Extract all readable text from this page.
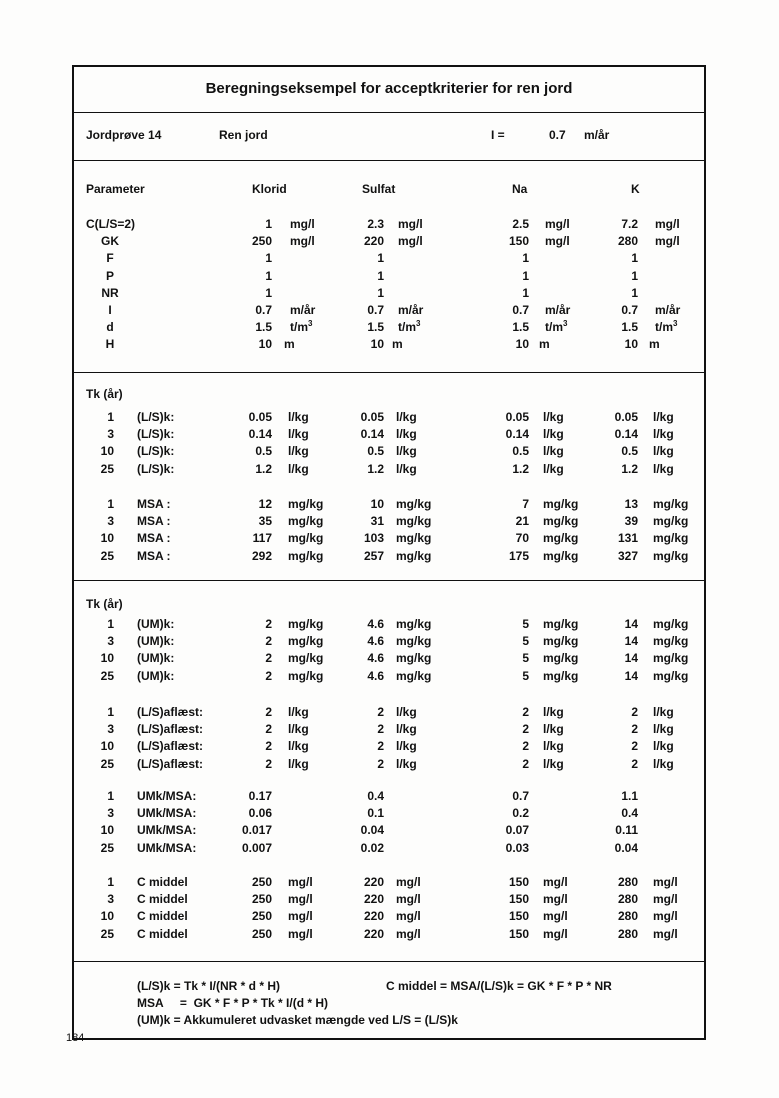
Beregningseksempel for acceptkriterier for ren jord
Jordprøve 14	Ren jord	I =	0.7 m/år
Parameter	Klorid	Sulfat	Na	K
Tk (år)
Tk (år)
C(L/S=2)	1 mg/l	2.3 mg/l	2.5 mg/l	7.2 mg/l
GK	250 mg/l	220 mg/l	150 mg/l	280 mg/l
F	1	1	1	1
P	1	1	1	1
NR	1	1	1	1
I	0.7 m/år	0.7 m/år	0.7 m/år	0.7 m/år
d	1.5 $t/m^3$	1.5 $t/m^3$	1.5 $t/m^3$	1.5 $t/m^3$
H	10 m	10 m	10 m	10 m
1 (L/S)k:	0.05 l/kg	0.05 l/kg	0.05 l/kg	0.05 l/kg
3 (L/S)k:	0.14 l/kg	0.14 l/kg	0.14 l/kg	0.14 l/kg
10 (L/S)k:	0.5 l/kg	0.5 l/kg	0.5 l/kg	0.5 l/kg
25 (L/S)k:	1.2 l/kg	1.2 l/kg	1.2 l/kg	1.2 l/kg
1 MSA :	12 mg/kg	10 mg/kg	7 mg/kg	13 mg/kg
3 MSA :	35 mg/kg	31 mg/kg	21 mg/kg	39 mg/kg
10 MSA :	117 mg/kg	103 mg/kg	70 mg/kg	131 mg/kg
25 MSA :	292 mg/kg	257 mg/kg	175 mg/kg	327 mg/kg
1 (UM)k:	2 mg/kg	4.6 mg/kg	5 mg/kg	14 mg/kg
3 (UM)k:	2 mg/kg	4.6 mg/kg	5 mg/kg	14 mg/kg
10 (UM)k:	2 mg/kg	4.6 mg/kg	5 mg/kg	14 mg/kg
25 (UM)k:	2 mg/kg	4.6 mg/kg	5 mg/kg	14 mg/kg
1 (L/S)aflæst:	2 l/kg	2 l/kg	2 l/kg	2 l/kg
3 (L/S)aflæst:	2 l/kg	2 l/kg	2 l/kg	2 l/kg
10 (L/S)aflæst:	2 l/kg	2 l/kg	2 l/kg	2 l/kg
25 (L/S)aflæst:	2 l/kg	2 l/kg	2 l/kg	2 l/kg
1 UMk/MSA:	0.17	0.4	0.7	1.1
3 UMk/MSA:	0.06	0.1	0.2	0.4
10 UMk/MSA:	0.017	0.04	0.07	0.11
25 UMk/MSA:	0.007	0.02	0.03	0.04
1 C middel	250 mg/l	220 mg/l	150 mg/l	280 mg/l
3 C middel	250 mg/l	220 mg/l	150 mg/l	280 mg/l
10 C middel	250 mg/l	220 mg/l	150 mg/l	280 mg/l
25 C middel	250 mg/l	220 mg/l	150 mg/l	280 mg/l
(L/S)k = Tk * I/(NR * d * H)
MSA     =  GK * F * P * Tk * I/(d * H)
(UM)k = Akkumuleret udvasket mængde ved L/S = (L/S)k
C middel = MSA/(L/S)k = GK * F * P * NR
184
